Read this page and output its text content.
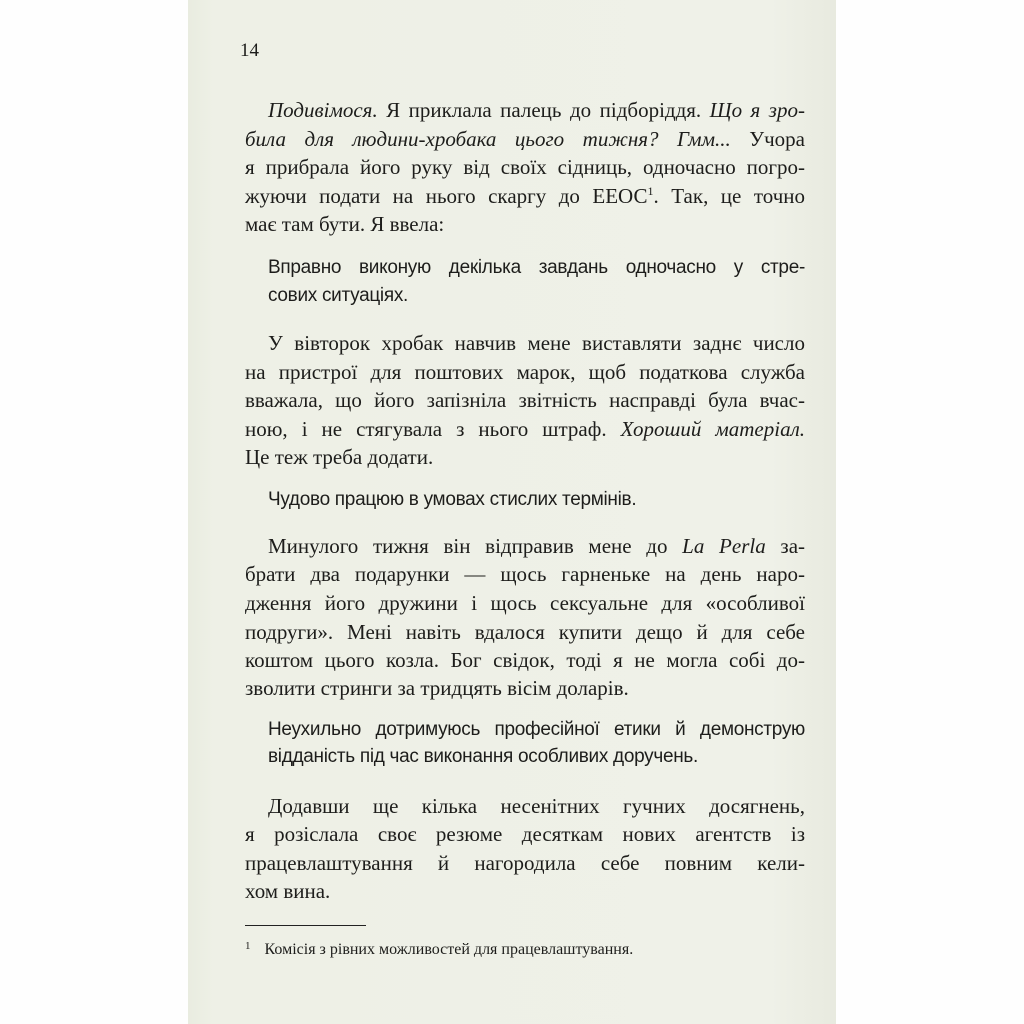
14
Подивімося. Я приклала палець до підборіддя. Що я зро-
била для людини-хробака цього тижня? Гмм... Учора
я прибрала його руку від своїх сідниць, одночасно погро-
жуючи подати на нього скаргу до ЕЕОС$^1$. Так, це точно
має там бути. Я ввела:
Вправно виконую декілька завдань одночасно у стре-
сових ситуаціях.
У вівторок хробак навчив мене виставляти заднє число
на пристрої для поштових марок, щоб податкова служба
вважала, що його запізніла звітність насправді була вчас-
ною, і не стягувала з нього штраф. Хороший матеріал.
Це теж треба додати.
Чудово працюю в умовах стислих термінів.
Минулого тижня він відправив мене до La Perla за-
брати два подарунки — щось гарненьке на день наро-
дження його дружини і щось сексуальне для «особливої
подруги». Мені навіть вдалося купити дещо й для себе
коштом цього козла. Бог свідок, тоді я не могла собі до-
зволити стринги за тридцять вісім доларів.
Неухильно дотримуюсь професійної етики й демонструю
відданість під час виконання особливих доручень.
Додавши ще кілька несенітних гучних досягнень,
я розіслала своє резюме десяткам нових агентств із
працевлаштування й нагородила себе повним кели-
хом вина.
$^1$ Комісія з рівних можливостей для працевлаштування.
